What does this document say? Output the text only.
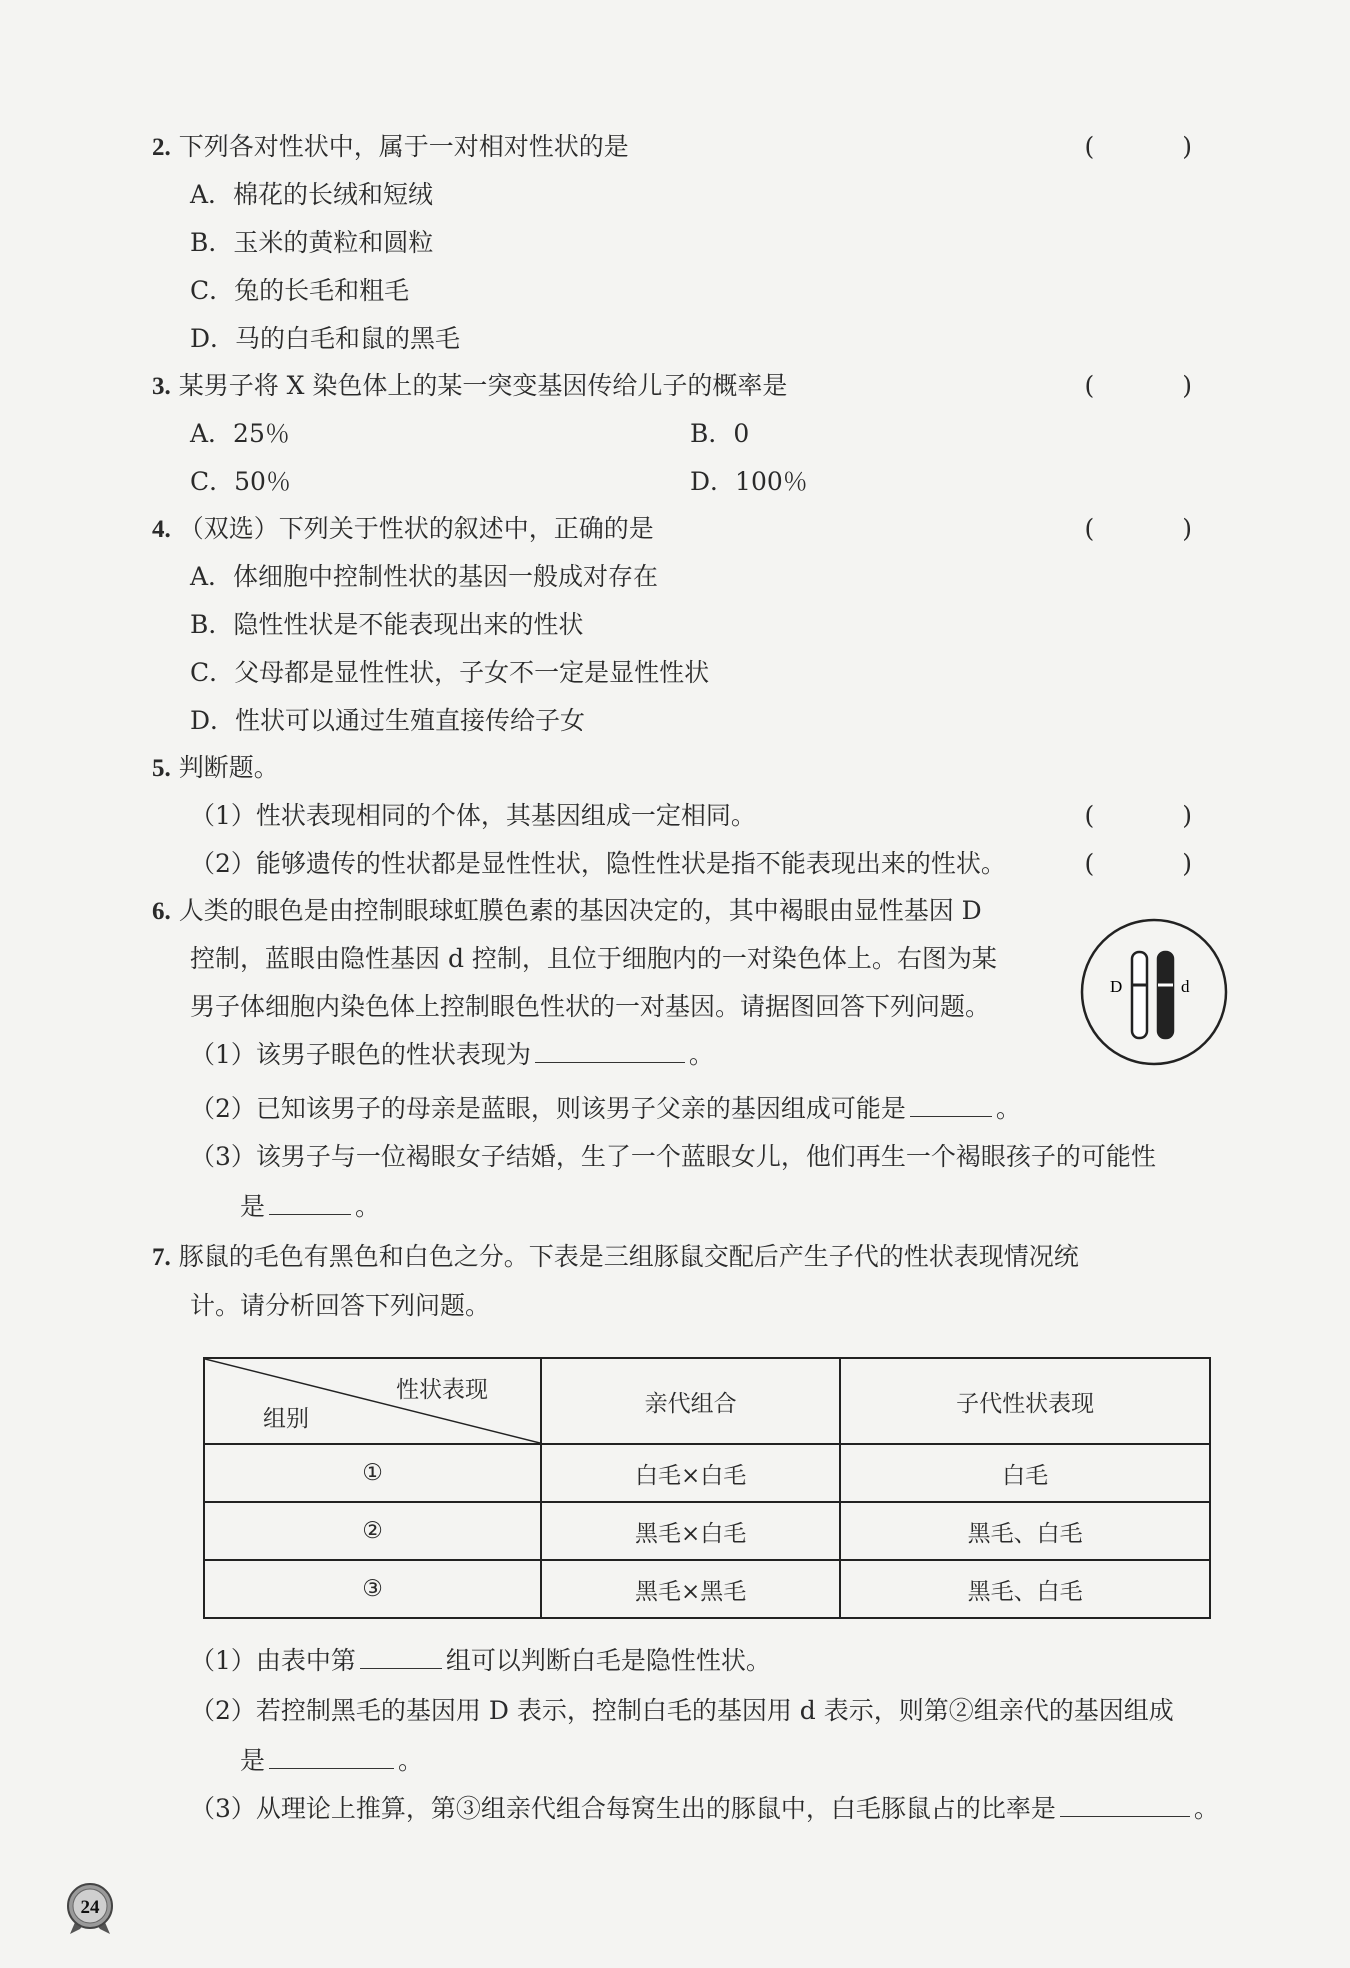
2. 下列各对性状中，属于一对相对性状的是	( )
A．棉花的长绒和短绒
B．玉米的黄粒和圆粒
C．兔的长毛和粗毛
D．马的白毛和鼠的黑毛
3. 某男子将 X 染色体上的某一突变基因传给儿子的概率是	( )
A．25％	B．0
C．50％	D．100％
4. （双选）下列关于性状的叙述中，正确的是	( )
A．体细胞中控制性状的基因一般成对存在
B．隐性性状是不能表现出来的性状
C．父母都是显性性状，子女不一定是显性性状
D．性状可以通过生殖直接传给子女
5. 判断题。
（1）性状表现相同的个体，其基因组成一定相同。	( )
（2）能够遗传的性状都是显性性状，隐性性状是指不能表现出来的性状。	( )
6. 人类的眼色是由控制眼球虹膜色素的基因决定的，其中褐眼由显性基因 D
控制，蓝眼由隐性基因 d 控制，且位于细胞内的一对染色体上。右图为某
男子体细胞内染色体上控制眼色性状的一对基因。请据图回答下列问题。
D	d
（1）该男子眼色的性状表现为	。
（2）已知该男子的母亲是蓝眼，则该男子父亲的基因组成可能是	。
（3）该男子与一位褐眼女子结婚，生了一个蓝眼女儿，他们再生一个褐眼孩子的可能性
是	。
7. 豚鼠的毛色有黑色和白色之分。下表是三组豚鼠交配后产生子代的性状表现情况统
计。请分析回答下列问题。
性状表现
组别	亲代组合	子代性状表现
①	白毛×白毛	白毛
②	黑毛×白毛	黑毛、白毛
③	黑毛×黑毛	黑毛、白毛
（1）由表中第	组可以判断白毛是隐性性状。
（2）若控制黑毛的基因用 D 表示，控制白毛的基因用 d 表示，则第②组亲代的基因组成
是	。
（3）从理论上推算，第③组亲代组合每窝生出的豚鼠中，白毛豚鼠占的比率是	。
24
